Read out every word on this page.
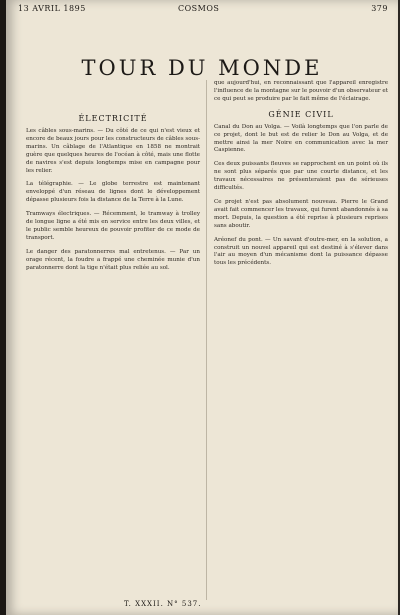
13 AVRIL 1895	COSMOS	379
TOUR DU MONDE
ÉLECTRICITÉ

Les câbles sous-marins. — Du côté de ce qui n'est vieux et encore de beaux jours pour les constructeurs de câbles sous-marins. Un câblage de l'Atlantique en 1858 ne montrait guère que quelques heures de l'océan à côté, mais une flotte de navires s'est depuis longtemps mise en campagne pour les relier.

La télégraphie. — Le globe terrestre est maintenant enveloppé d'un réseau de lignes dont le développement dépasse plusieurs fois la distance de la Terre à la Lune.

Tramways électriques. — Récemment, le tramway à trolley de longue ligne a été mis en service entre les deux villes, et le public semble heureux de pouvoir profiter de ce mode de transport.

Le danger des paratonnerres mal entretenus. — Par un orage récent, la foudre a frappé une cheminée munie d'un paratonnerre dont la tige n'était plus reliée au sol.

que aujourd'hui, en reconnaissant que l'appareil enregistre l'influence de la montagne sur le pouvoir d'un observateur et ce qui peut se produire par le fait même de l'éclairage.

GÉNIE CIVIL

Canal du Don au Volga. — Voilà longtemps que l'on parle de ce projet, dont le but est de relier le Don au Volga, et de mettre ainsi la mer Noire en communication avec la mer Caspienne.

Ces deux puissants fleuves se rapprochent en un point où ils ne sont plus séparés que par une courte distance, et les travaux nécessaires ne présenteraient pas de sérieuses difficultés.

Ce projet n'est pas absolument nouveau. Pierre le Grand avait fait commencer les travaux, qui furent abandonnés à sa mort. Depuis, la question a été reprise à plusieurs reprises sans aboutir.

Aréonef du pont. — Un savant d'outre-mer, en la solution, a construit un nouvel appareil qui est destiné à s'élever dans l'air au moyen d'un mécanisme dont la puissance dépasse tous les précédents.

T. XXXII. N° 537.
